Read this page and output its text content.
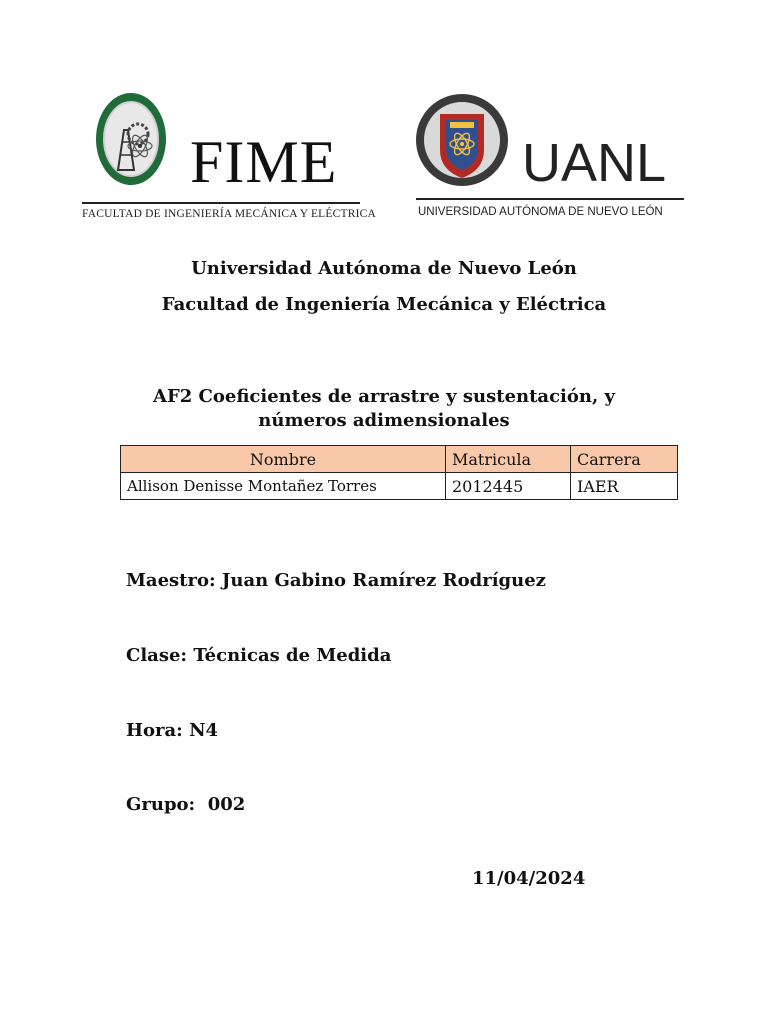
FIME
FACULTAD DE INGENIERÍA MECÁNICA Y ELÉCTRICA
UANL
UNIVERSIDAD AUTÓNOMA DE NUEVO LEÓN
Universidad Autónoma de Nuevo León
Facultad de Ingeniería Mecánica y Eléctrica
AF2 Coeficientes de arrastre y sustentación, y
números adimensionales
Nombre	Matricula	Carrera
Allison Denisse Montañez Torres	2012445	IAER
Maestro: Juan Gabino Ramírez Rodríguez
Clase: Técnicas de Medida
Hora: N4
Grupo:  002
11/04/2024
